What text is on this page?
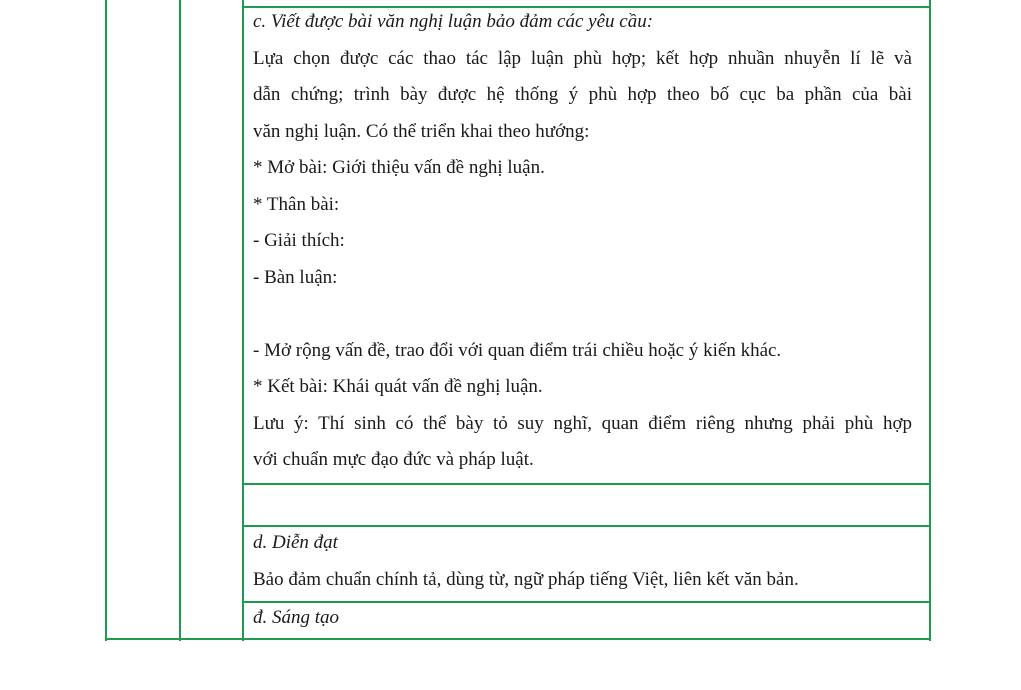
c. Viết được bài văn nghị luận bảo đảm các yêu cầu:
Lựa chọn được các thao tác lập luận phù hợp; kết hợp nhuần nhuyễn lí lẽ và
dẫn chứng; trình bày được hệ thống ý phù hợp theo bố cục ba phần của bài
văn nghị luận. Có thể triển khai theo hướng:
* Mở bài: Giới thiệu vấn đề nghị luận.
* Thân bài:
- Giải thích:
- Bàn luận:
- Mở rộng vấn đề, trao đổi với quan điểm trái chiều hoặc ý kiến khác.
* Kết bài: Khái quát vấn đề nghị luận.
Lưu ý: Thí sinh có thể bày tỏ suy nghĩ, quan điểm riêng nhưng phải phù hợp
với chuẩn mực đạo đức và pháp luật.
d. Diễn đạt
Bảo đảm chuẩn chính tả, dùng từ, ngữ pháp tiếng Việt, liên kết văn bản.
đ. Sáng tạo
